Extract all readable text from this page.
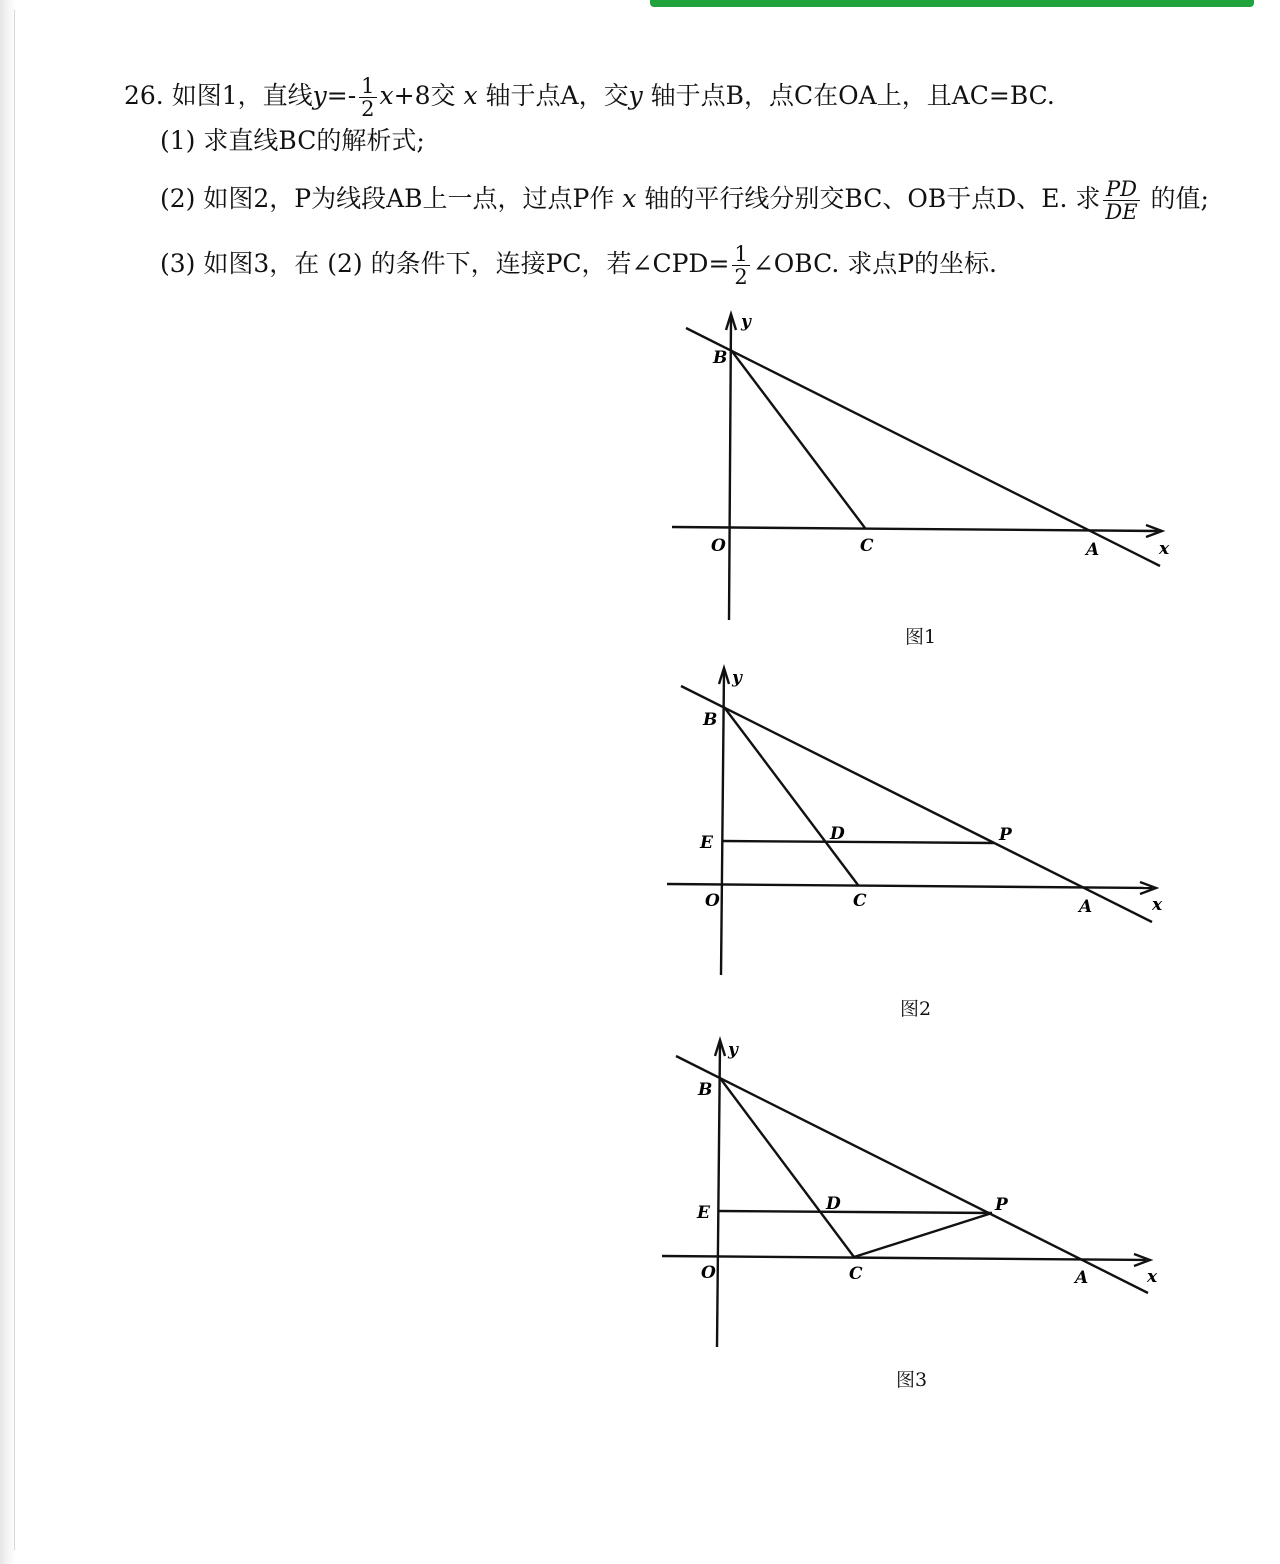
26. 如图1，直线$y=- \frac{1}{2} x+8$交 x 轴于点A，交y 轴于点B，点C在OA上，且AC=BC.
(1) 求直线BC的解析式;
(2) 如图2，P为线段AB上一点，过点P作 x 轴的平行线分别交BC、OB于点D、E. 求 $\frac{PD}{DE}$ 的值;
(3) 如图3，在 (2) 的条件下，连接PC，若∠CPD= $\frac{1}{2}$ ∠OBC. 求点P的坐标.
B
y
O	C	A	x
B
y
E	D	P
O	C	A	x
B
y
E	D	P
O	C	A	x
图1
图2
图3
